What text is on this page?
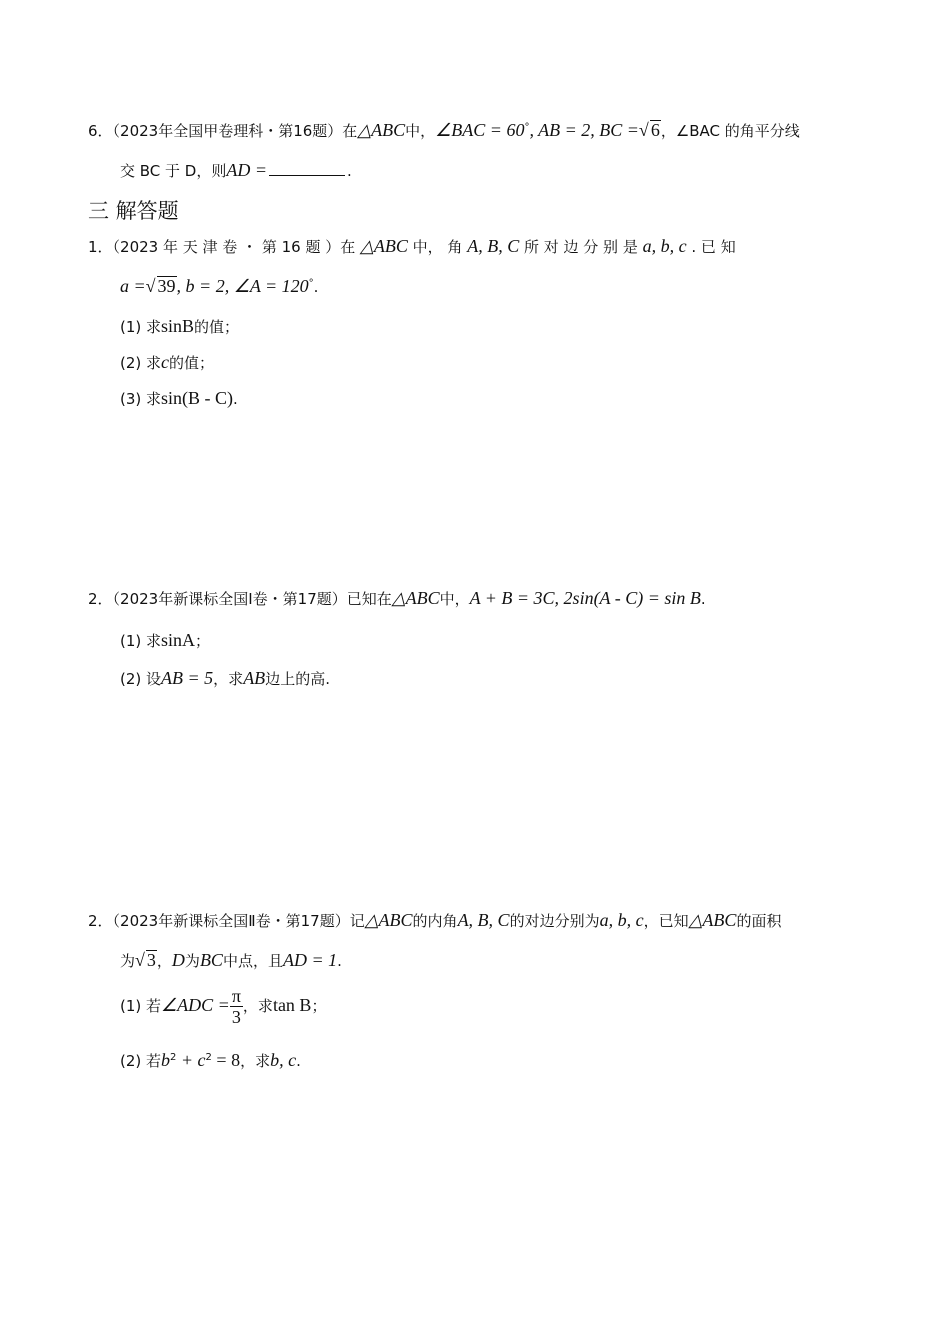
6．（2023年全国甲卷理科・第16题）在△ABC中，∠BAC = 60°, AB = 2, BC =√ 6，∠BAC 的角平分线
交 BC 于 D，则AD =	.
三 解答题
1．（2023 年 天 津 卷 ・ 第 16 题 ）在 △ABC 中， 角 A, B, C 所 对 边 分 别 是 a, b, c . 已 知
a =√ 39, b = 2, ∠A = 120°.
(1) 求sinB的值；
(2) 求c的值；
(3) 求sin(B - C).
2．（2023年新课标全国Ⅰ卷・第17题）已知在△ABC中，A + B = 3C, 2sin(A - C) = sin B.
(1) 求sinA；
(2) 设AB = 5，求AB边上的高.
2．（2023年新课标全国Ⅱ卷・第17题）记△ABC的内角A, B, C的对边分别为a, b, c，已知△ABC的面积
为√ 3，D为BC中点，且AD = 1.
(1) 若∠ADC = $\frac{\pi}{3}$ ，求tan B；
(2) 若$b^2 + c^2 = 8$，求b, c.
